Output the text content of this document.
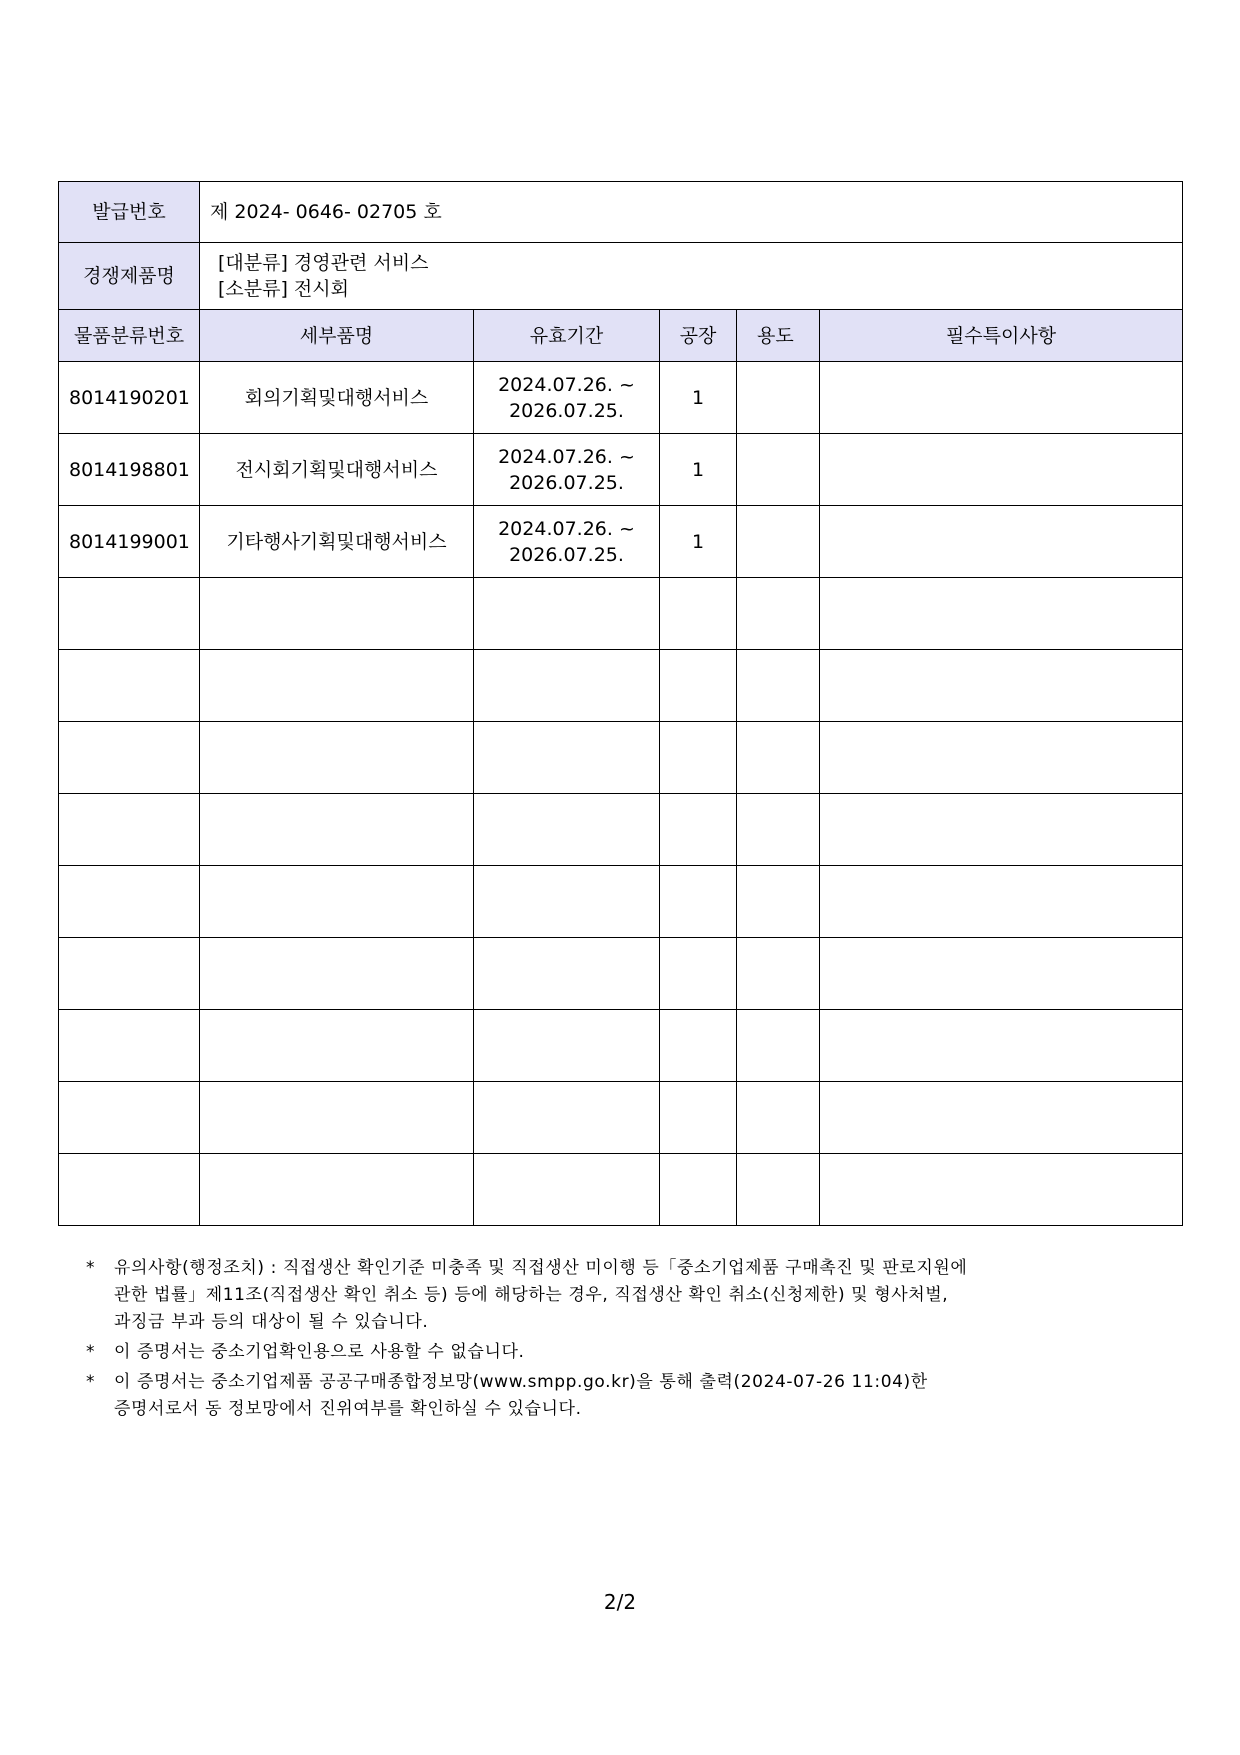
발급번호	제 2024- 0646- 02705 호				
경쟁제품명	[대분류] 경영관련 서비스
[소분류] 전시회				

물품분류번호	세부품명	유효기간	공장	용도	필수특이사항
8014190201	회의기획및대행서비스	2024.07.26. ~
2026.07.25.	1		
8014198801	전시회기획및대행서비스	2024.07.26. ~
2026.07.25.	1		
8014199001	기타행사기획및대행서비스	2024.07.26. ~
2026.07.25.	1		

* 유의사항(행정조치) : 직접생산 확인기준 미충족 및 직접생산 미이행 등「중소기업제품 구매촉진 및 판로지원에
관한 법률」제11조(직접생산 확인 취소 등) 등에 해당하는 경우, 직접생산 확인 취소(신청제한) 및 형사처벌,
과징금 부과 등의 대상이 될 수 있습니다.
* 이 증명서는 중소기업확인용으로 사용할 수 없습니다.
* 이 증명서는 중소기업제품 공공구매종합정보망(www.smpp.go.kr)을 통해 출력(2024-07-26 11:04)한
증명서로서 동 정보망에서 진위여부를 확인하실 수 있습니다.
2/2
